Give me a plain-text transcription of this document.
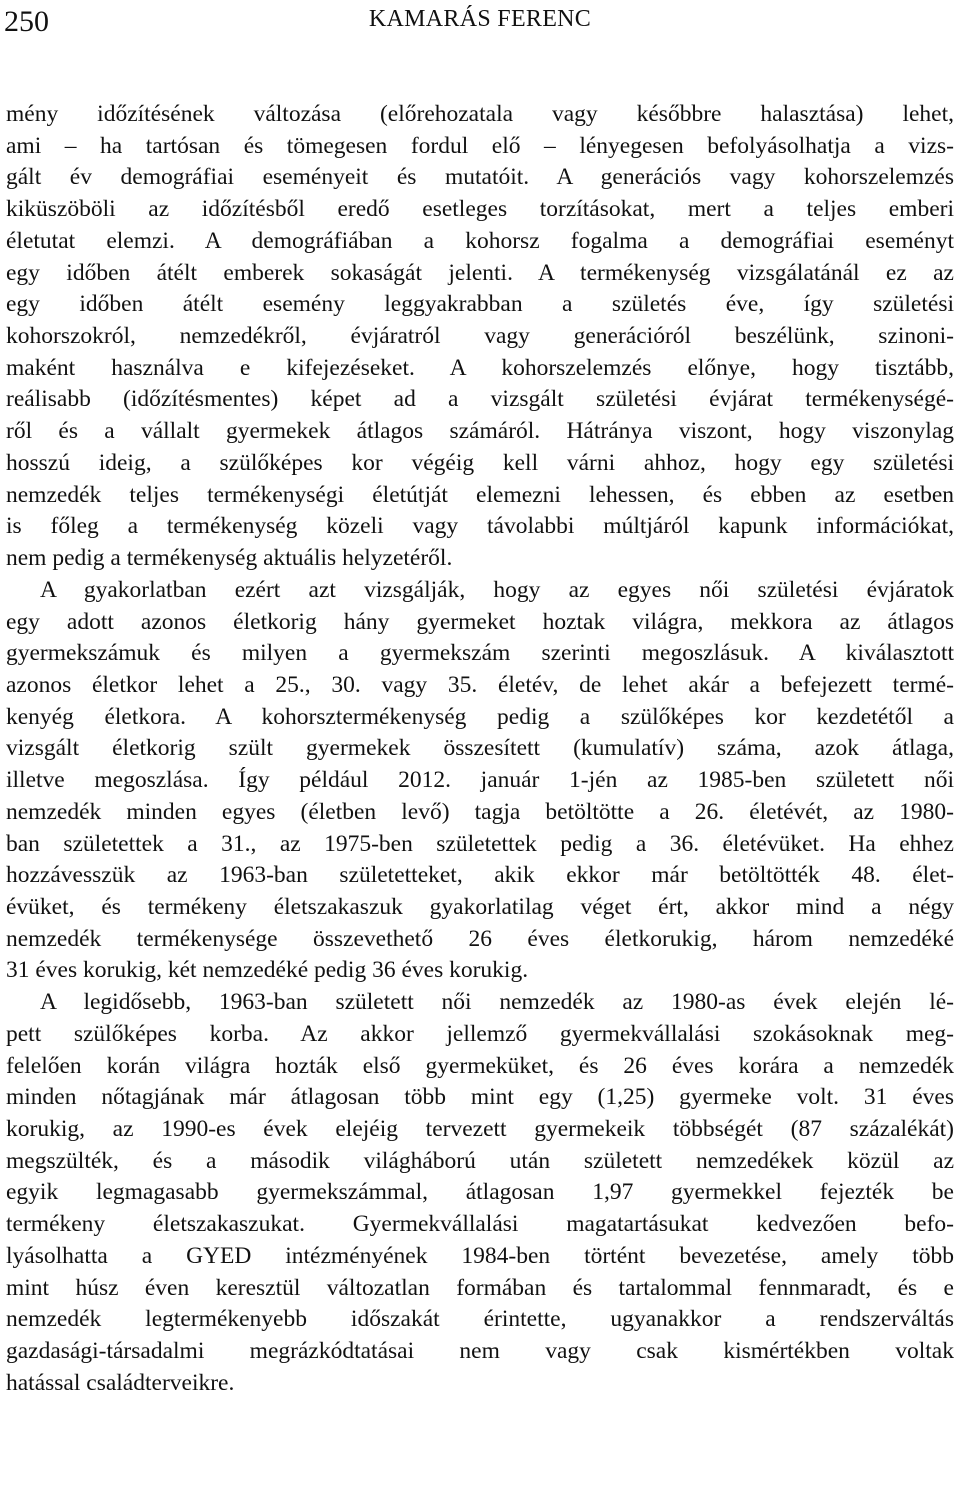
250	KAMARÁS FERENC
mény időzítésének változása (előrehozatala vagy későbbre halasztása) lehet,
ami – ha tartósan és tömegesen fordul elő – lényegesen befolyásolhatja a vizs-
gált év demográfiai eseményeit és mutatóit. A generációs vagy kohorszelemzés
kiküszöböli az időzítésből eredő esetleges torzításokat, mert a teljes emberi
életutat elemzi. A demográfiában a kohorsz fogalma a demográfiai eseményt
egy időben átélt emberek sokaságát jelenti. A termékenység vizsgálatánál ez az
egy időben átélt esemény leggyakrabban a születés éve, így születési
kohorszokról, nemzedékről, évjáratról vagy generációról beszélünk, szinoni-
maként használva e kifejezéseket. A kohorszelemzés előnye, hogy tisztább,
reálisabb (időzítésmentes) képet ad a vizsgált születési évjárat termékenységé-
ről és a vállalt gyermekek átlagos számáról. Hátránya viszont, hogy viszonylag
hosszú ideig, a szülőképes kor végéig kell várni ahhoz, hogy egy születési
nemzedék teljes termékenységi életútját elemezni lehessen, és ebben az esetben
is főleg a termékenység közeli vagy távolabbi múltjáról kapunk információkat,
nem pedig a termékenység aktuális helyzetéről.
A gyakorlatban ezért azt vizsgálják, hogy az egyes női születési évjáratok
egy adott azonos életkorig hány gyermeket hoztak világra, mekkora az átlagos
gyermekszámuk és milyen a gyermekszám szerinti megoszlásuk. A kiválasztott
azonos életkor lehet a 25., 30. vagy 35. életév, de lehet akár a befejezett termé-
kenyég életkora. A kohorsztermékenység pedig a szülőképes kor kezdetétől a
vizsgált életkorig szült gyermekek összesített (kumulatív) száma, azok átlaga,
illetve megoszlása. Így például 2012. január 1-jén az 1985-ben született női
nemzedék minden egyes (életben levő) tagja betöltötte a 26. életévét, az 1980-
ban születettek a 31., az 1975-ben születettek pedig a 36. életévüket. Ha ehhez
hozzávesszük az 1963-ban születetteket, akik ekkor már betöltötték 48. élet-
évüket, és termékeny életszakaszuk gyakorlatilag véget ért, akkor mind a négy
nemzedék termékenysége összevethető 26 éves életkorukig, három nemzedéké
31 éves korukig, két nemzedéké pedig 36 éves korukig.
A legidősebb, 1963-ban született női nemzedék az 1980-as évek elején lé-
pett szülőképes korba. Az akkor jellemző gyermekvállalási szokásoknak meg-
felelően korán világra hozták első gyermeküket, és 26 éves korára a nemzedék
minden nőtagjának már átlagosan több mint egy (1,25) gyermeke volt. 31 éves
korukig, az 1990-es évek elejéig tervezett gyermekeik többségét (87 százalékát)
megszülték, és a második világháború után született nemzedékek közül az
egyik legmagasabb gyermekszámmal, átlagosan 1,97 gyermekkel fejezték be
termékeny életszakaszukat. Gyermekvállalási magatartásukat kedvezően befo-
lyásolhatta a GYED intézményének 1984-ben történt bevezetése, amely több
mint húsz éven keresztül változatlan formában és tartalommal fennmaradt, és e
nemzedék legtermékenyebb időszakát érintette, ugyanakkor a rendszerváltás
gazdasági-társadalmi megrázkódtatásai nem vagy csak kismértékben voltak
hatással családterveikre.
